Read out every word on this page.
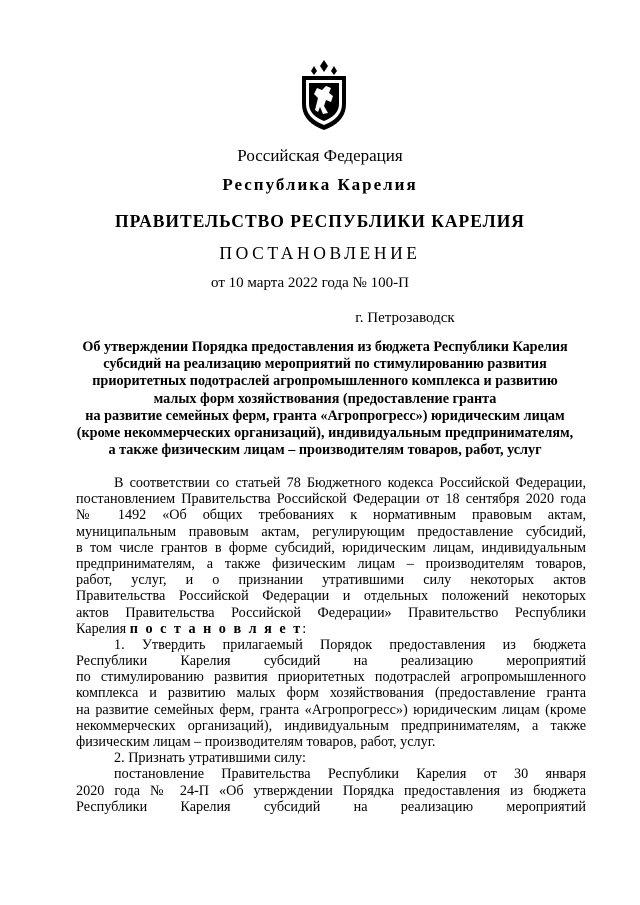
Российская Федерация
Республика Карелия
ПРАВИТЕЛЬСТВО РЕСПУБЛИКИ КАРЕЛИЯ
ПОСТАНОВЛЕНИЕ
от 10 марта 2022 года № 100-П
г. Петрозаводск
Об утверждении Порядка предоставления из бюджета Республики Карелия
субсидий на реализацию мероприятий по стимулированию развития
приоритетных подотраслей агропромышленного комплекса и развитию
малых форм хозяйствования (предоставление гранта
на развитие семейных ферм, гранта «Агропрогресс») юридическим лицам
(кроме некоммерческих организаций), индивидуальным предпринимателям,
а также физическим лицам – производителям товаров, работ, услуг
В соответствии со статьей 78 Бюджетного кодекса Российской Федерации,
постановлением Правительства Российской Федерации от 18 сентября 2020 года
№ 1492 «Об общих требованиях к нормативным правовым актам,
муниципальным правовым актам, регулирующим предоставление субсидий,
в том числе грантов в форме субсидий, юридическим лицам, индивидуальным
предпринимателям, а также физическим лицам – производителям товаров,
работ, услуг, и о признании утратившими силу некоторых актов
Правительства Российской Федерации и отдельных положений некоторых
актов Правительства Российской Федерации» Правительство Республики
Карелия п о с т а н о в л я е т:
1. Утвердить прилагаемый Порядок предоставления из бюджета
Республики Карелия субсидий на реализацию мероприятий
по стимулированию развития приоритетных подотраслей агропромышленного
комплекса и развитию малых форм хозяйствования (предоставление гранта
на развитие семейных ферм, гранта «Агропрогресс») юридическим лицам (кроме
некоммерческих организаций), индивидуальным предпринимателям, а также
физическим лицам – производителям товаров, работ, услуг.
2. Признать утратившими силу:
постановление Правительства Республики Карелия от 30 января
2020 года № 24-П «Об утверждении Порядка предоставления из бюджета
Республики Карелия субсидий на реализацию мероприятий
